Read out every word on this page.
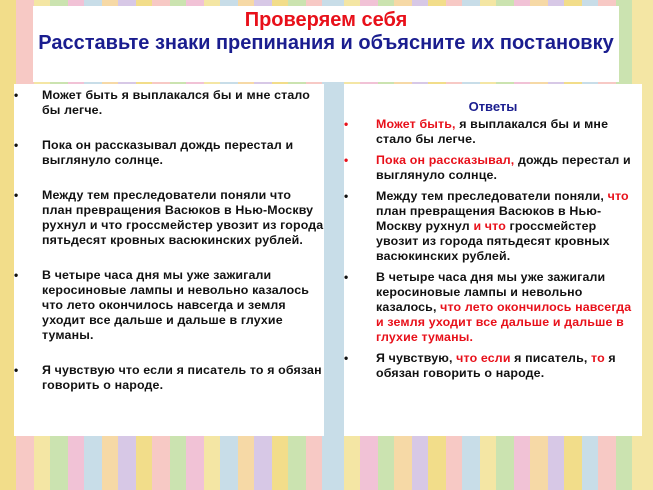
Проверяем себя
Расставьте знаки препинания и объясните их постановку
• Может быть я выплакался бы и мне стало бы легче.
• Пока он рассказывал дождь перестал и выглянуло солнце.
• Между тем преследователи поняли что план превращения Васюков в Нью-Москву рухнул и что гроссмейстер увозит из города пятьдесят кровных васюкинских рублей.
• В четыре часа дня мы уже зажигали керосиновые лампы и невольно казалось что лето окончилось навсегда и земля уходит все дальше и дальше в глухие туманы.
• Я чувствую что если я писатель то я обязан говорить о народе.
Ответы
• Может быть, я выплакался бы и мне стало бы легче.
• Пока он рассказывал, дождь перестал и выглянуло солнце.
• Между тем преследователи поняли, что план превращения Васюков в Нью-Москву рухнул и что гроссмейстер увозит из города пятьдесят кровных васюкинских рублей.
• В четыре часа дня мы уже зажигали керосиновые лампы и невольно казалось, что лето окончилось навсегда и земля уходит все дальше и дальше в глухие туманы.
• Я чувствую, что если я писатель, то я обязан говорить о народе.
